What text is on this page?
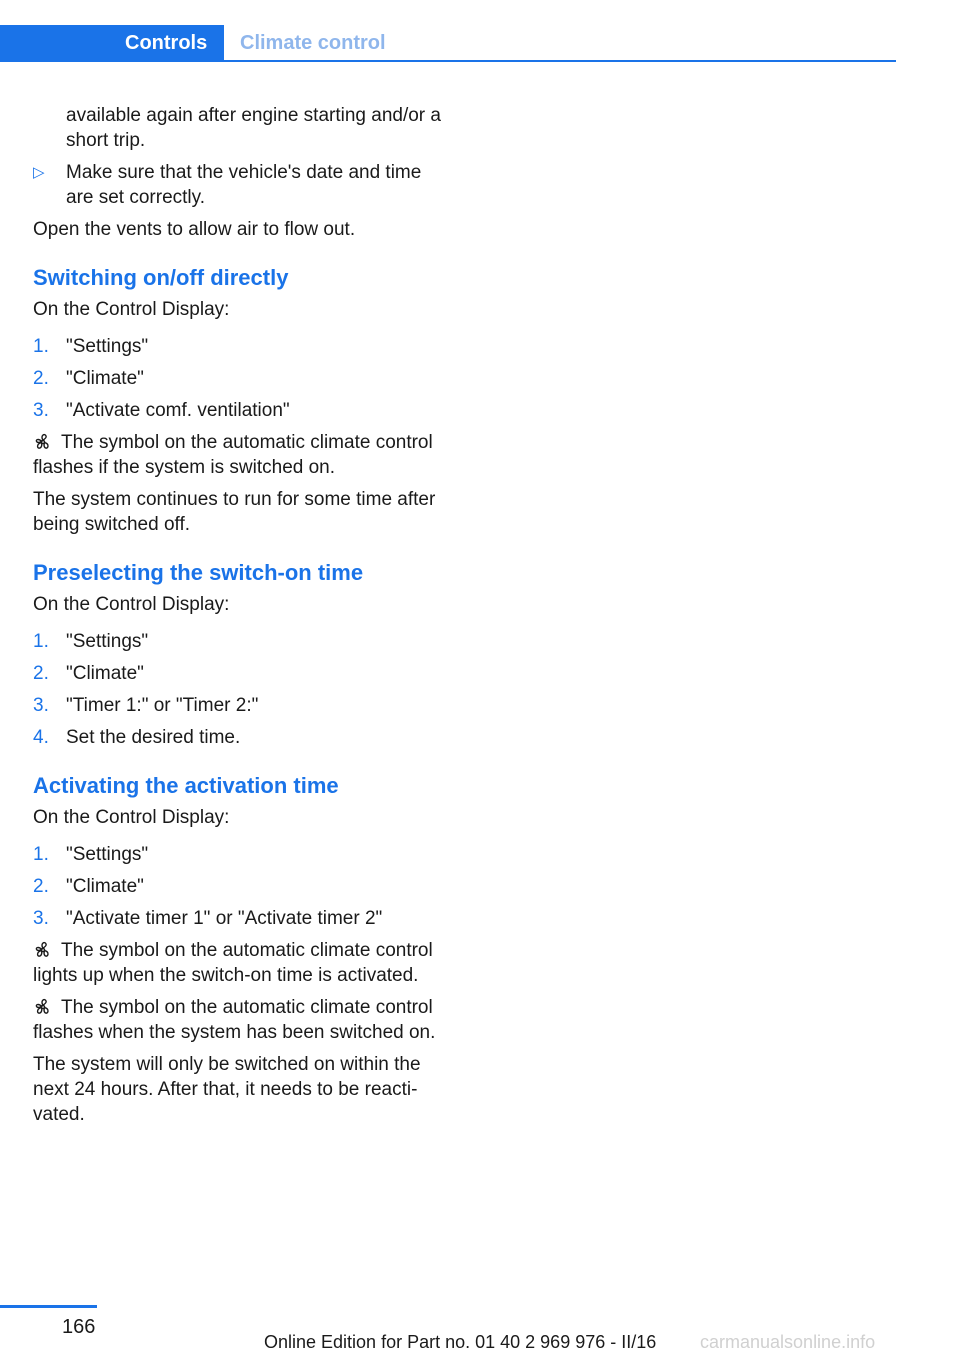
Controls	Climate control
available again after engine starting and/or a short trip.
▷	Make sure that the vehicle's date and time are set correctly.
Open the vents to allow air to flow out.
Switching on/off directly
On the Control Display:
1. "Settings"
2. "Climate"
3. "Activate comf. ventilation"
The symbol on the automatic climate control flashes if the system is switched on.
The system continues to run for some time after being switched off.
Preselecting the switch-on time
On the Control Display:
1. "Settings"
2. "Climate"
3. "Timer 1:" or "Timer 2:"
4. Set the desired time.
Activating the activation time
On the Control Display:
1. "Settings"
2. "Climate"
3. "Activate timer 1" or "Activate timer 2"
The symbol on the automatic climate control lights up when the switch-on time is activated.
The symbol on the automatic climate control flashes when the system has been switched on.
The system will only be switched on within the next 24 hours. After that, it needs to be reactivated.
166
Online Edition for Part no. 01 40 2 969 976 - II/16 carmanualsonline.info
